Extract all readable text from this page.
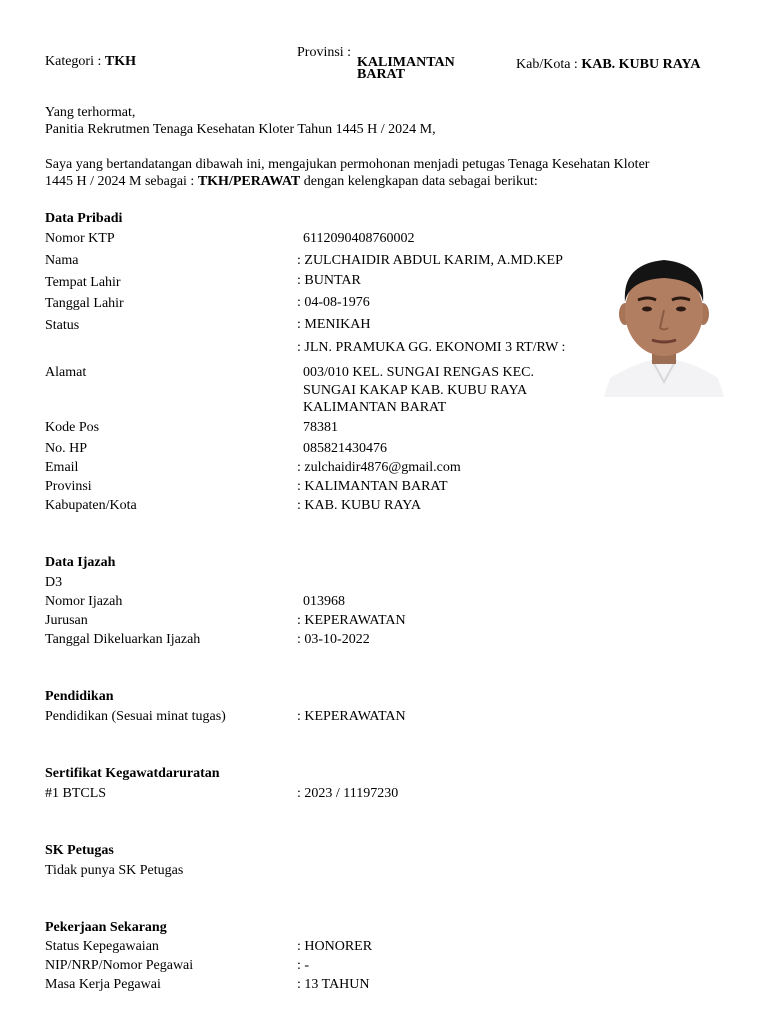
Kategori : TKH
Provinsi :
KALIMANTAN
BARAT
Kab/Kota : KAB. KUBU RAYA
Yang terhormat,
Panitia Rekrutmen Tenaga Kesehatan Kloter Tahun 1445 H / 2024 M,
Saya yang bertandatangan dibawah ini, mengajukan permohonan menjadi petugas Tenaga Kesehatan Kloter
1445 H / 2024 M sebagai : TKH/PERAWAT dengan kelengkapan data sebagai berikut:
Data Pribadi
Nomor KTP	6112090408760002
Nama	: ZULCHAIDIR ABDUL KARIM, A.MD.KEP
Tempat Lahir	: BUNTAR
Tanggal Lahir	: 04-08-1976
Status	: MENIKAH
Alamat
: JLN. PRAMUKA GG. EKONOMI 3 RT/RW :
003/010 KEL. SUNGAI RENGAS KEC.
SUNGAI KAKAP KAB. KUBU RAYA
KALIMANTAN BARAT
Kode Pos	78381
No. HP	085821430476
Email	: zulchaidir4876@gmail.com
Provinsi	: KALIMANTAN BARAT
Kabupaten/Kota	: KAB. KUBU RAYA
Data Ijazah
D3
Nomor Ijazah	013968
Jurusan	: KEPERAWATAN
Tanggal Dikeluarkan Ijazah	: 03-10-2022
Pendidikan
Pendidikan (Sesuai minat tugas)	: KEPERAWATAN
Sertifikat Kegawatdaruratan
#1 BTCLS	: 2023 / 11197230
SK Petugas
Tidak punya SK Petugas
Pekerjaan Sekarang
Status Kepegawaian	: HONORER
NIP/NRP/Nomor Pegawai	: -
Masa Kerja Pegawai	: 13 TAHUN
